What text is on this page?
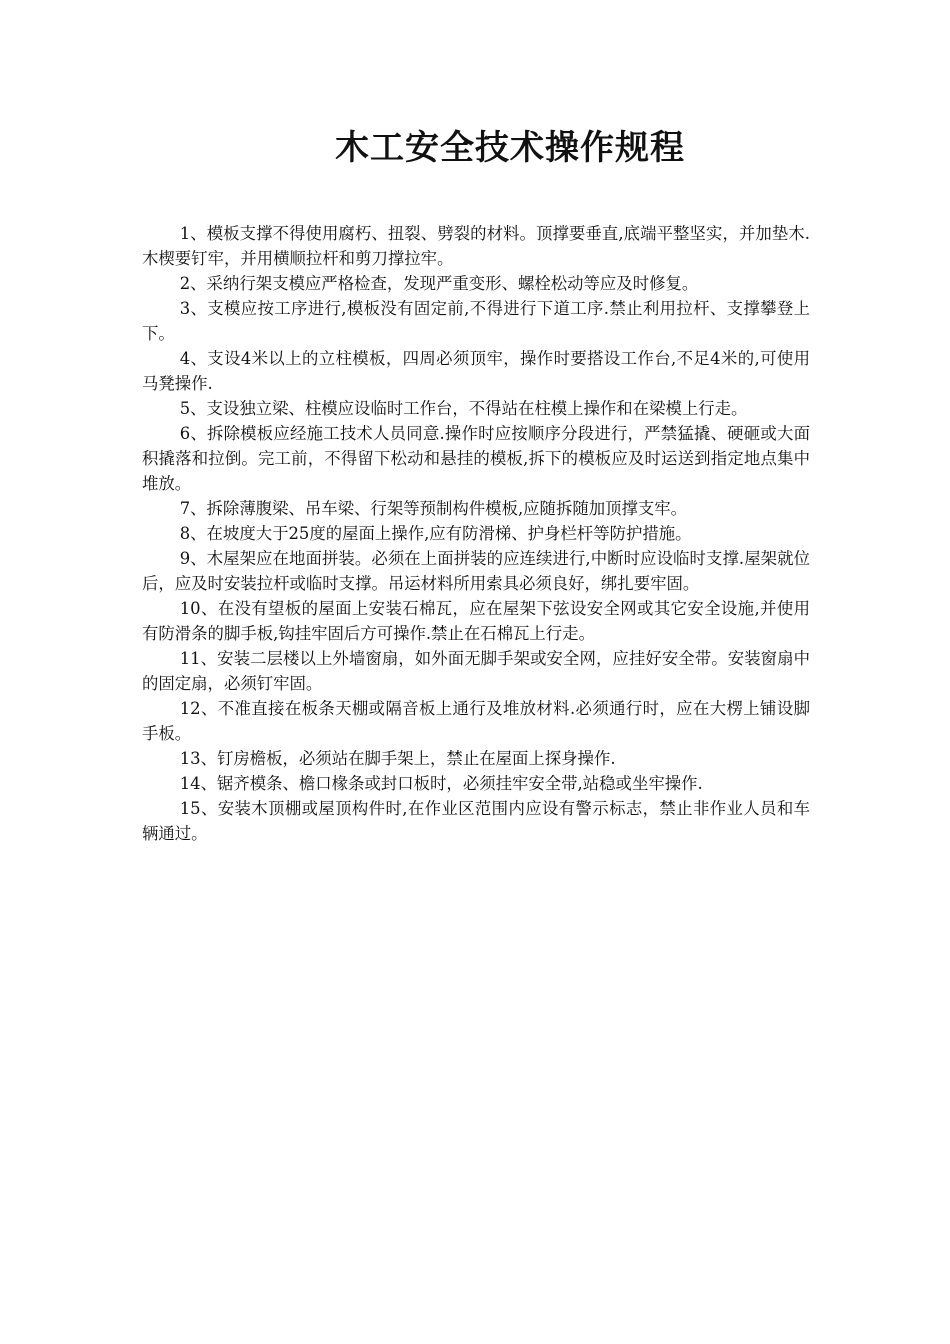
木工安全技术操作规程
1、模板支撑不得使用腐朽、扭裂、劈裂的材料。顶撑要垂直,底端平整坚实，并加垫木.木楔要钉牢，并用横顺拉杆和剪刀撑拉牢。
2、采纳行架支模应严格检查，发现严重变形、螺栓松动等应及时修复。
3、支模应按工序进行,模板没有固定前,不得进行下道工序.禁止利用拉杆、支撑攀登上下。
4、支设4米以上的立柱模板，四周必须顶牢，操作时要搭设工作台,不足4米的,可使用马凳操作.
5、支设独立梁、柱模应设临时工作台，不得站在柱模上操作和在梁模上行走。
6、拆除模板应经施工技术人员同意.操作时应按顺序分段进行，严禁猛撬、硬砸或大面积撬落和拉倒。完工前，不得留下松动和悬挂的模板,拆下的模板应及时运送到指定地点集中堆放。
7、拆除薄腹梁、吊车梁、行架等预制构件模板,应随拆随加顶撑支牢。
8、在坡度大于25度的屋面上操作,应有防滑梯、护身栏杆等防护措施。
9、木屋架应在地面拼装。必须在上面拼装的应连续进行,中断时应设临时支撑.屋架就位后，应及时安装拉杆或临时支撑。吊运材料所用索具必须良好，绑扎要牢固。
10、在没有望板的屋面上安装石棉瓦，应在屋架下弦设安全网或其它安全设施,并使用有防滑条的脚手板,钩挂牢固后方可操作.禁止在石棉瓦上行走。
11、安装二层楼以上外墙窗扇，如外面无脚手架或安全网，应挂好安全带。安装窗扇中的固定扇，必须钉牢固。
12、不准直接在板条天棚或隔音板上通行及堆放材料.必须通行时，应在大楞上铺设脚手板。
13、钉房檐板，必须站在脚手架上，禁止在屋面上探身操作.
14、锯齐模条、檐口椽条或封口板时，必须挂牢安全带,站稳或坐牢操作.
15、安装木顶棚或屋顶构件时,在作业区范围内应设有警示标志，禁止非作业人员和车辆通过。
